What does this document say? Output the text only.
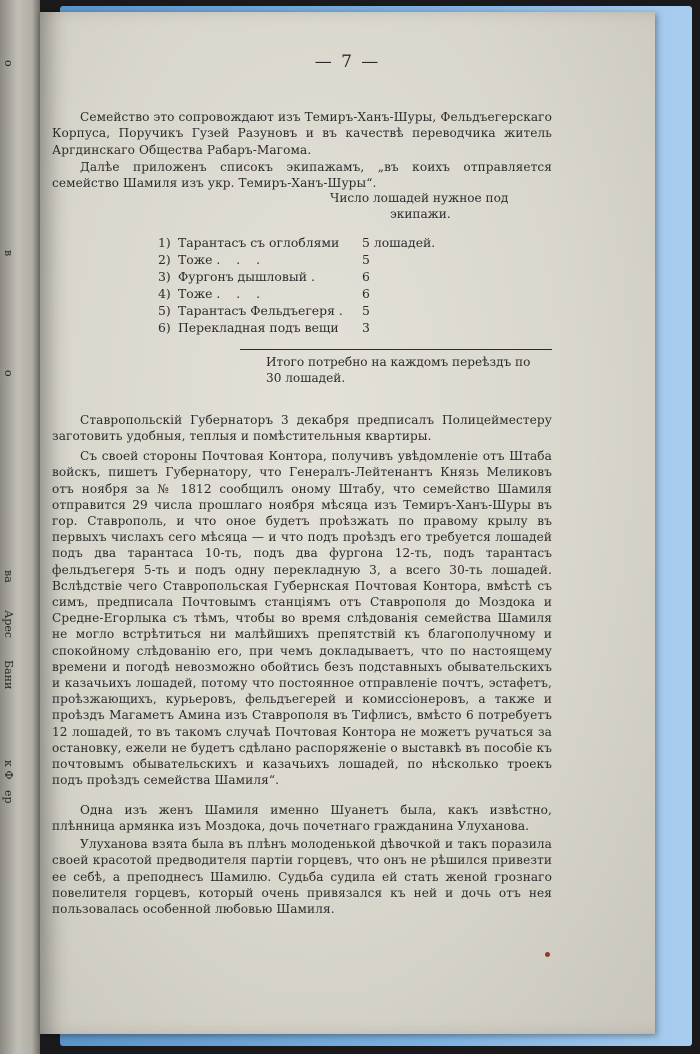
о
в
о
ва
Арес
Бани
к Ф
ер
— 7 —

Семейство это сопровождают изъ Темиръ-Ханъ-Шуры, Фельдъегерскаго Корпуса, Поручикъ Гузей Разуновъ и въ качествѣ переводчика житель Аргдинскаго Общества Рабаръ-Магома.

Далѣе приложенъ списокъ экипажамъ, „въ коихъ отправляется семейство Шамиля изъ укр. Темиръ-Ханъ-Шуры“.

Число лошадей нужное под
экипажи.
1) Тарантасъ съ оглоблями	5 лошадей.
2) Тоже . . .	5
3) Фургонъ дышловый .	6
4) Тоже . . .	6
5) Тарантасъ Фельдъегеря .	5
6) Перекладная подъ вещи	3
Итого потребно на каждомъ переѣздъ по
30 лошадей.

Ставропольскій Губернаторъ 3 декабря предписалъ Полицейместеру заготовить удобныя, теплыя и помѣстительныя квартиры.

Съ своей стороны Почтовая Контора, получивъ увѣдомленіе отъ Штаба войскъ, пишетъ Губернатору, что Генералъ-Лейтенантъ Князь Меликовъ отъ ноября за № 1812 сообщилъ оному Штабу, что семейство Шамиля отправится 29 числа прошлаго ноября мѣсяца изъ Темиръ-Ханъ-Шуры въ гор. Ставрополь, и что оное будетъ проѣзжать по правому крылу въ первыхъ числахъ сего мѣсяца — и что подъ проѣздъ его требуется лошадей подъ два тарантаса 10-ть, подъ два фургона 12-ть, подъ тарантасъ фельдъегеря 5-ть и подъ одну перекладную 3, а всего 30-ть лошадей. Вслѣдствіе чего Ставропольская Губернская Почтовая Контора, вмѣстѣ съ симъ, предписала Почтовымъ станціямъ отъ Ставрополя до Моздока и Средне-Егорлыка съ тѣмъ, чтобы во время слѣдованія семейства Шамиля не могло встрѣтиться ни малѣйшихъ препятствій къ благополучному и спокойному слѣдованію его, при чемъ докладываетъ, что по настоящему времени и погодѣ невозможно обойтись безъ подставныхъ обывательскихъ и казачьихъ лошадей, потому что постоянное отправленіе почтъ, эстафетъ, проѣзжающихъ, курьеровъ, фельдъегерей и комиссіонеровъ, а также и проѣздъ Магаметъ Амина изъ Ставрополя въ Тифлисъ, вмѣсто 6 потребуетъ 12 лошадей, то въ такомъ случаѣ Почтовая Контора не можетъ ручаться за остановку, ежели не будетъ сдѣлано распоряженіе о выставкѣ въ пособіе къ почтовымъ обывательскихъ и казачьихъ лошадей, по нѣсколько троекъ подъ проѣздъ семейства Шамиля“.

Одна изъ женъ Шамиля именно Шуанетъ была, какъ извѣстно, плѣнница армянка изъ Моздока, дочь почетнаго гражданина Улуханова.

Улуханова взята была въ плѣнъ молоденькой дѣвочкой и такъ поразила своей красотой предводителя партіи горцевъ, что онъ не рѣшился привезти ее себѣ, а преподнесъ Шамилю. Судьба судила ей стать женой грознаго повелителя горцевъ, который очень привязался къ ней и дочь отъ нея пользовалась особенной любовью Шамиля.
